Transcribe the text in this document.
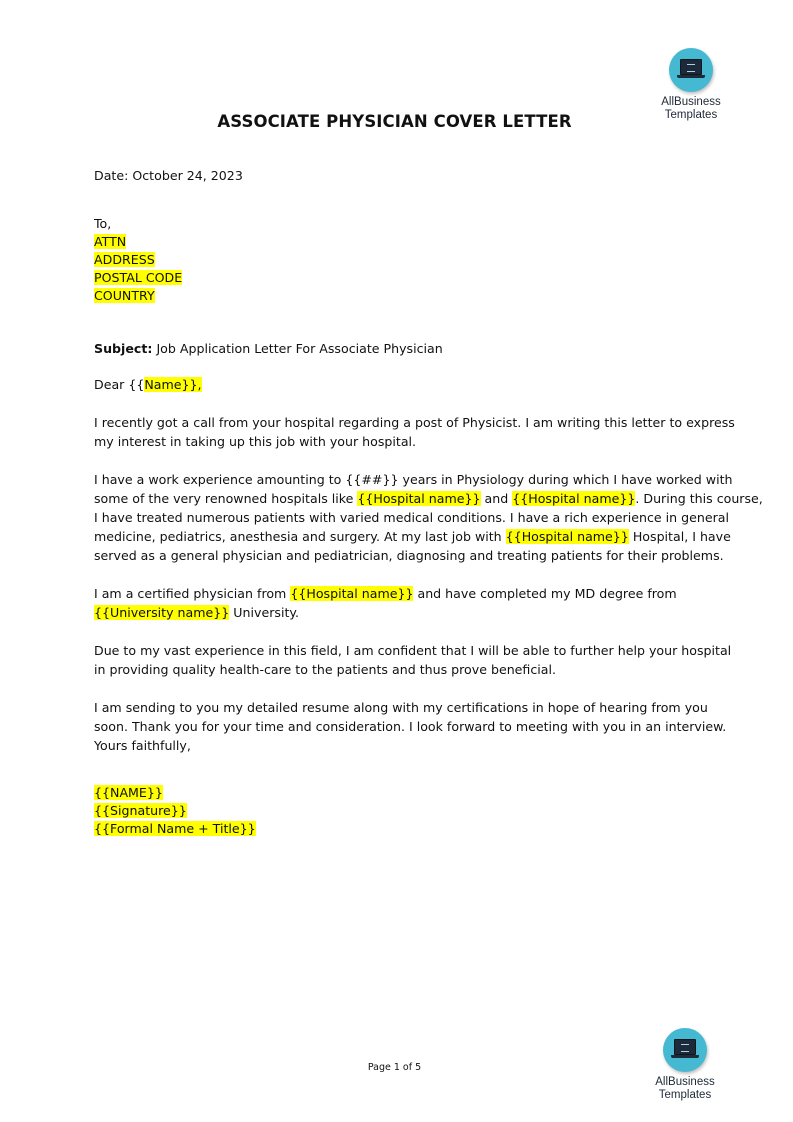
AllBusiness
Templates
ASSOCIATE PHYSICIAN COVER LETTER
Date: October 24, 2023
To,
ATTN
ADDRESS
POSTAL CODE
COUNTRY
Subject: Job Application Letter For Associate Physician
Dear {{Name}},
I recently got a call from your hospital regarding a post of Physicist. I am writing this letter to express
my interest in taking up this job with your hospital.
I have a work experience amounting to {{##}} years in Physiology during which I have worked with
some of the very renowned hospitals like {{Hospital name}} and {{Hospital name}}. During this course,
I have treated numerous patients with varied medical conditions. I have a rich experience in general
medicine, pediatrics, anesthesia and surgery. At my last job with {{Hospital name}} Hospital, I have
served as a general physician and pediatrician, diagnosing and treating patients for their problems.
I am a certified physician from {{Hospital name}} and have completed my MD degree from
{{University name}} University.
Due to my vast experience in this field, I am confident that I will be able to further help your hospital
in providing quality health-care to the patients and thus prove beneficial.
I am sending to you my detailed resume along with my certifications in hope of hearing from you
soon. Thank you for your time and consideration. I look forward to meeting with you in an interview.
Yours faithfully,
{{NAME}}
{{Signature}}
{{Formal Name + Title}}
Page 1 of 5
AllBusiness
Templates
